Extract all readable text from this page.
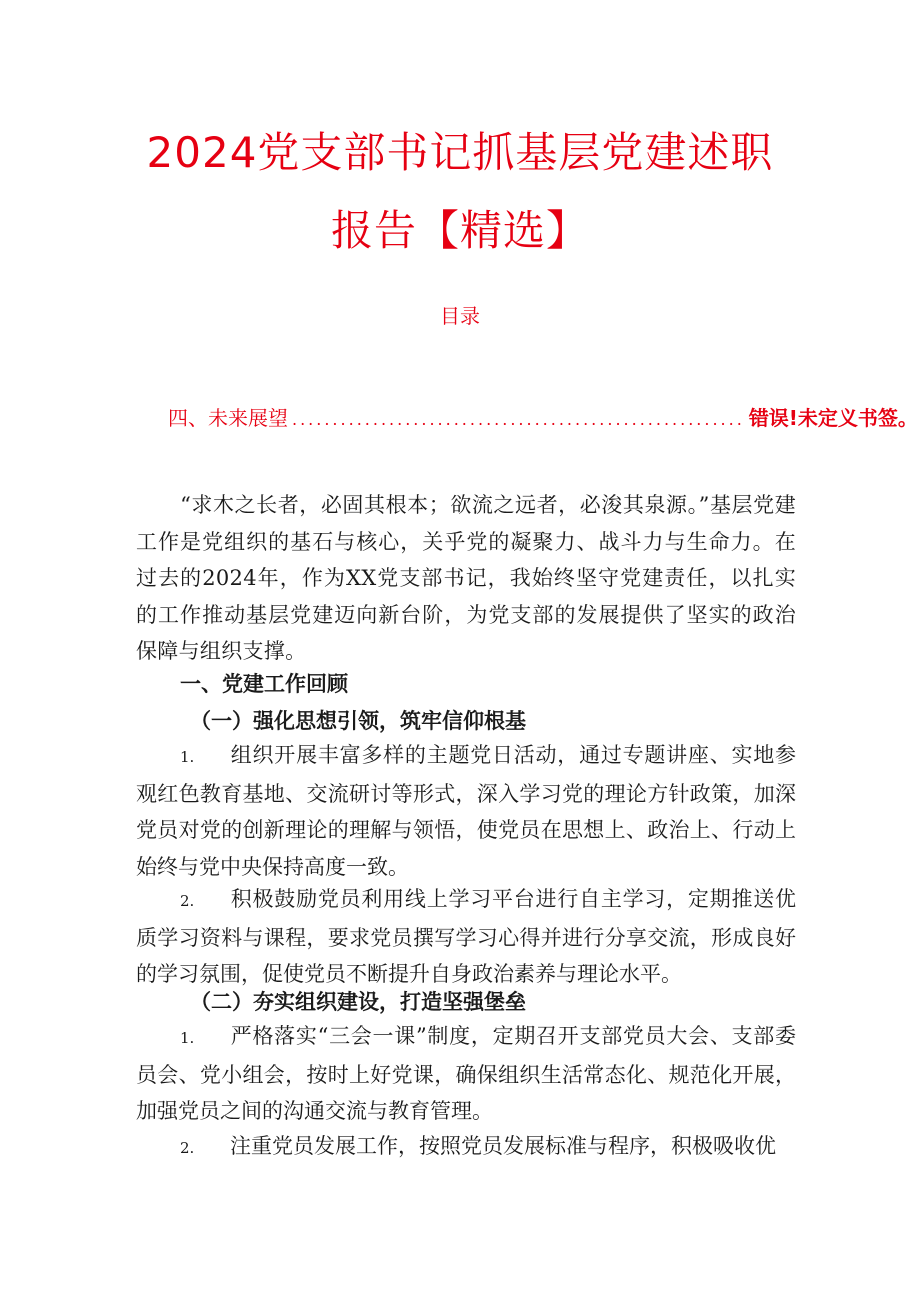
2024党支部书记抓基层党建述职
报告【精选】
目录
四、未来展望 ........................................................ 错误!未定义书签。

“求木之长者，必固其根本；欲流之远者，必浚其泉源。”基层党建工作是党组织的基石与核心，关乎党的凝聚力、战斗力与生命力。在过去的2024年，作为XX党支部书记，我始终坚守党建责任，以扎实的工作推动基层党建迈向新台阶，为党支部的发展提供了坚实的政治保障与组织支撑。

一、党建工作回顾
（一）强化思想引领，筑牢信仰根基

1. 组织开展丰富多样的主题党日活动，通过专题讲座、实地参观红色教育基地、交流研讨等形式，深入学习党的理论方针政策，加深党员对党的创新理论的理解与领悟，使党员在思想上、政治上、行动上始终与党中央保持高度一致。

2. 积极鼓励党员利用线上学习平台进行自主学习，定期推送优质学习资料与课程，要求党员撰写学习心得并进行分享交流，形成良好的学习氛围，促使党员不断提升自身政治素养与理论水平。

（二）夯实组织建设，打造坚强堡垒

1. 严格落实“三会一课”制度，定期召开支部党员大会、支部委员会、党小组会，按时上好党课，确保组织生活常态化、规范化开展，加强党员之间的沟通交流与教育管理。

2. 注重党员发展工作，按照党员发展标准与程序，积极吸收优
